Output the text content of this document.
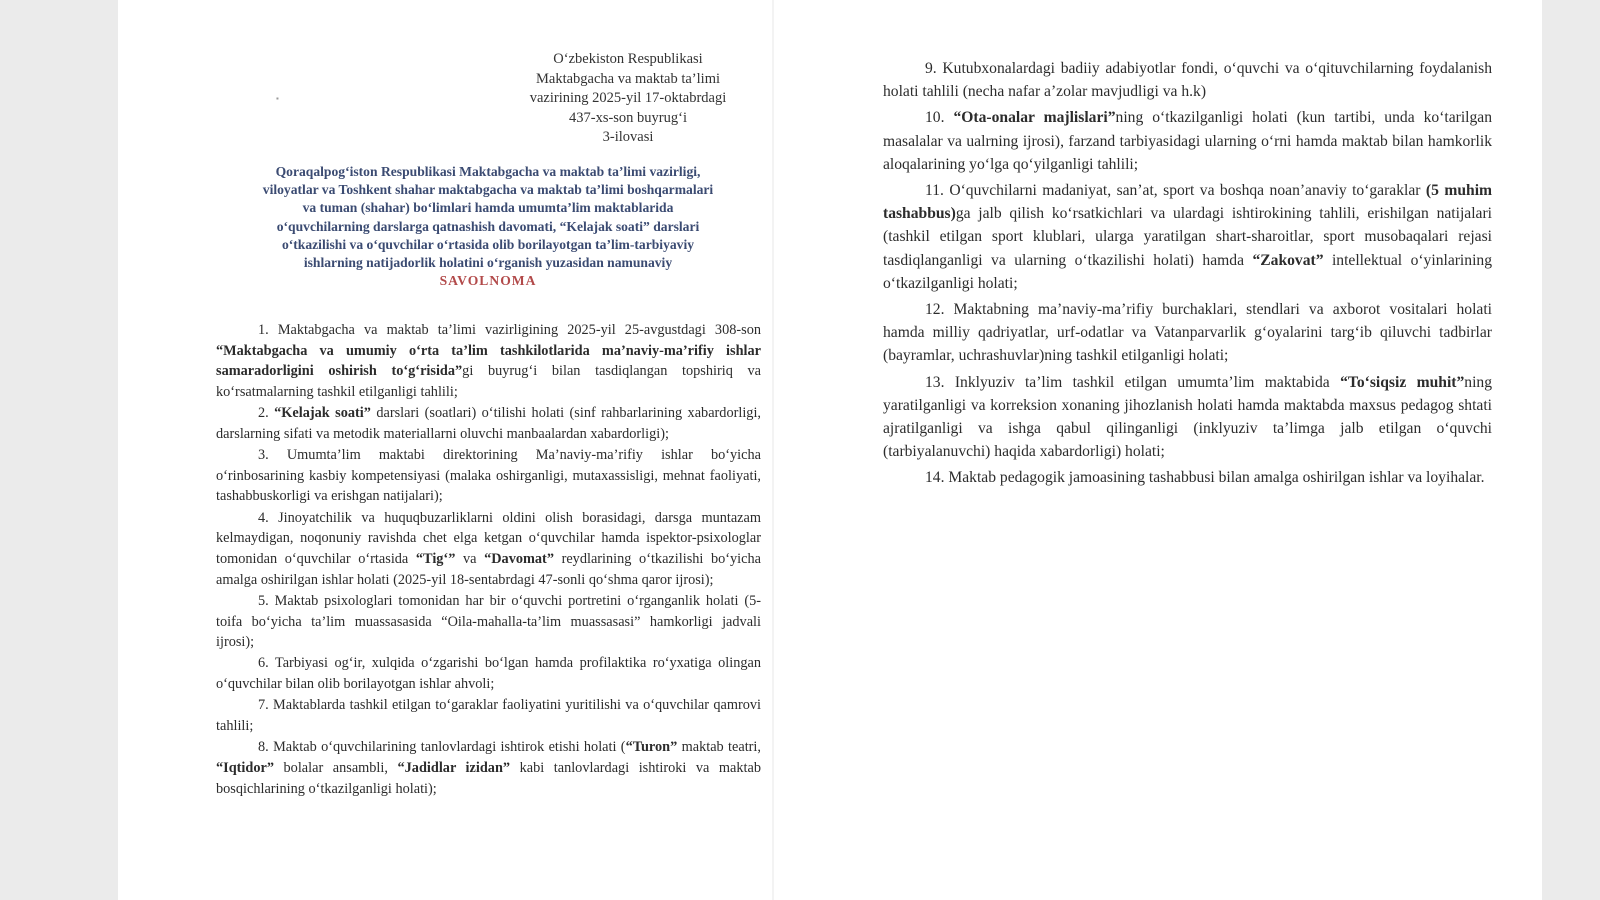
▪
O‘zbekiston Respublikasi
Maktabgacha va maktab ta’limi
vazirining 2025-yil 17-oktabrdagi
437-xs-son buyrug‘i
3-ilovasi
Qoraqalpog‘iston Respublikasi Maktabgacha va maktab ta’limi vazirligi,
viloyatlar va Toshkent shahar maktabgacha va maktab ta’limi boshqarmalari
va tuman (shahar) bo‘limlari hamda umumta’lim maktablarida
o‘quvchilarning darslarga qatnashish davomati, “Kelajak soati” darslari
o‘tkazilishi va o‘quvchilar o‘rtasida olib borilayotgan ta’lim-tarbiyaviy
ishlarning natijadorlik holatini o‘rganish yuzasidan namunaviy
SAVOLNOMA

1. Maktabgacha va maktab ta’limi vazirligining 2025-yil 25-avgustdagi 308-son “Maktabgacha va umumiy o‘rta ta’lim tashkilotlarida ma’naviy-ma’rifiy ishlar samaradorligini oshirish to‘g‘risida”gi buyrug‘i bilan tasdiqlangan topshiriq va ko‘rsatmalarning tashkil etilganligi tahlili;

2. “Kelajak soati” darslari (soatlari) o‘tilishi holati (sinf rahbarlarining xabardorligi, darslarning sifati va metodik materiallarni oluvchi manbaalardan xabardorligi);

3. Umumta’lim maktabi direktorining Ma’naviy-ma’rifiy ishlar bo‘yicha o‘rinbosarining kasbiy kompetensiyasi (malaka oshirganligi, mutaxassisligi, mehnat faoliyati, tashabbuskorligi va erishgan natijalari);

4. Jinoyatchilik va huquqbuzarliklarni oldini olish borasidagi, darsga muntazam kelmaydigan, noqonuniy ravishda chet elga ketgan o‘quvchilar hamda ispektor-psixologlar tomonidan o‘quvchilar o‘rtasida “Tig‘” va “Davomat” reydlarining o‘tkazilishi bo‘yicha amalga oshirilgan ishlar holati (2025-yil 18-sentabrdagi 47-sonli qo‘shma qaror ijrosi);

5. Maktab psixologlari tomonidan har bir o‘quvchi portretini o‘rganganlik holati (5-toifa bo‘yicha ta’lim muassasasida “Oila-mahalla-ta’lim muassasasi” hamkorligi jadvali ijrosi);

6. Tarbiyasi og‘ir, xulqida o‘zgarishi bo‘lgan hamda profilaktika ro‘yxatiga olingan o‘quvchilar bilan olib borilayotgan ishlar ahvoli;

7. Maktablarda tashkil etilgan to‘garaklar faoliyatini yuritilishi va o‘quvchilar qamrovi tahlili;

8. Maktab o‘quvchilarining tanlovlardagi ishtirok etishi holati (“Turon” maktab teatri, “Iqtidor” bolalar ansambli, “Jadidlar izidan” kabi tanlovlardagi ishtiroki va maktab bosqichlarining o‘tkazilganligi holati);

9. Kutubxonalardagi badiiy adabiyotlar fondi, o‘quvchi va o‘qituvchilarning foydalanish holati tahlili (necha nafar a’zolar mavjudligi va h.k)

10. “Ota-onalar majlislari”ning o‘tkazilganligi holati (kun tartibi, unda ko‘tarilgan masalalar va ualrning ijrosi), farzand tarbiyasidagi ularning o‘rni hamda maktab bilan hamkorlik aloqalarining yo‘lga qo‘yilganligi tahlili;

11. O‘quvchilarni madaniyat, san’at, sport va boshqa noan’anaviy to‘garaklar (5 muhim tashabbus)ga jalb qilish ko‘rsatkichlari va ulardagi ishtirokining tahlili, erishilgan natijalari (tashkil etilgan sport klublari, ularga yaratilgan shart-sharoitlar, sport musobaqalari rejasi tasdiqlanganligi va ularning o‘tkazilishi holati) hamda “Zakovat” intellektual o‘yinlarining o‘tkazilganligi holati;

12. Maktabning ma’naviy-ma’rifiy burchaklari, stendlari va axborot vositalari holati hamda milliy qadriyatlar, urf-odatlar va Vatanparvarlik g‘oyalarini targ‘ib qiluvchi tadbirlar (bayramlar, uchrashuvlar)ning tashkil etilganligi holati;

13. Inklyuziv ta’lim tashkil etilgan umumta’lim maktabida “To‘siqsiz muhit”ning yaratilganligi va korreksion xonaning jihozlanish holati hamda maktabda maxsus pedagog shtati ajratilganligi va ishga qabul qilinganligi (inklyuziv ta’limga jalb etilgan o‘quvchi (tarbiyalanuvchi) haqida xabardorligi) holati;

14. Maktab pedagogik jamoasining tashabbusi bilan amalga oshirilgan ishlar va loyihalar.
